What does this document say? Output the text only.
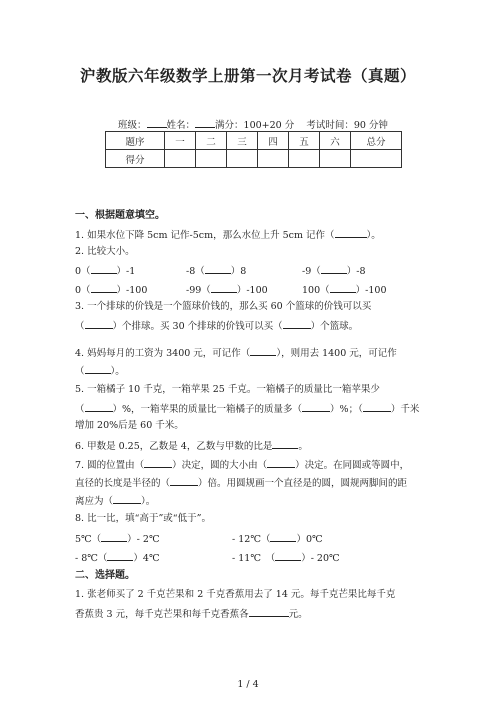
沪教版六年级数学上册第一次月考试卷（真题）
班级： 姓名： 满分：100+20 分 考试时间：90 分钟
题序	一	二	三	四	五	六	总分
得分							
一、根据题意填空。
1. 如果水位下降 5cm 记作-5cm，那么水位上升 5cm 记作（	）。
2. 比较大小。
0（	）-1	-8（	）8	-9（	）-8
0（	）-100	-99（	）-100	100（	）-100
3. 一个排球的价钱是一个篮球价钱的，那么买 60 个篮球的价钱可以买
（	）个排球。买 30 个排球的价钱可以买（	）个篮球。
4. 妈妈每月的工资为 3400 元，可记作（	），则用去 1400 元，可记作
（	）。
5. 一箱橘子 10 千克，一箱苹果 25 千克。一箱橘子的质量比一箱苹果少
（	）%，一箱苹果的质量比一箱橘子的质量多（	）%；（	）千米
增加 20%后是 60 千米。
6. 甲数是 0.25，乙数是 4，乙数与甲数的比是	。
7. 圆的位置由（	）决定，圆的大小由（	）决定。在同圆或等圆中，
直径的长度是半径的（	）倍。用圆规画一个直径是的圆，圆规两脚间的距
离应为（	）。
8. 比一比，填“高于”或“低于”。
5℃（	）- 2℃	- 12℃（	）0℃
- 8℃（	）4℃	- 11℃　（	）- 20℃
二、选择题。
1. 张老师买了 2 千克芒果和 2 千克香蕉用去了 14 元。每千克芒果比每千克
香蕉贵 3 元，每千克芒果和每千克香蕉各	元。
1 / 4
